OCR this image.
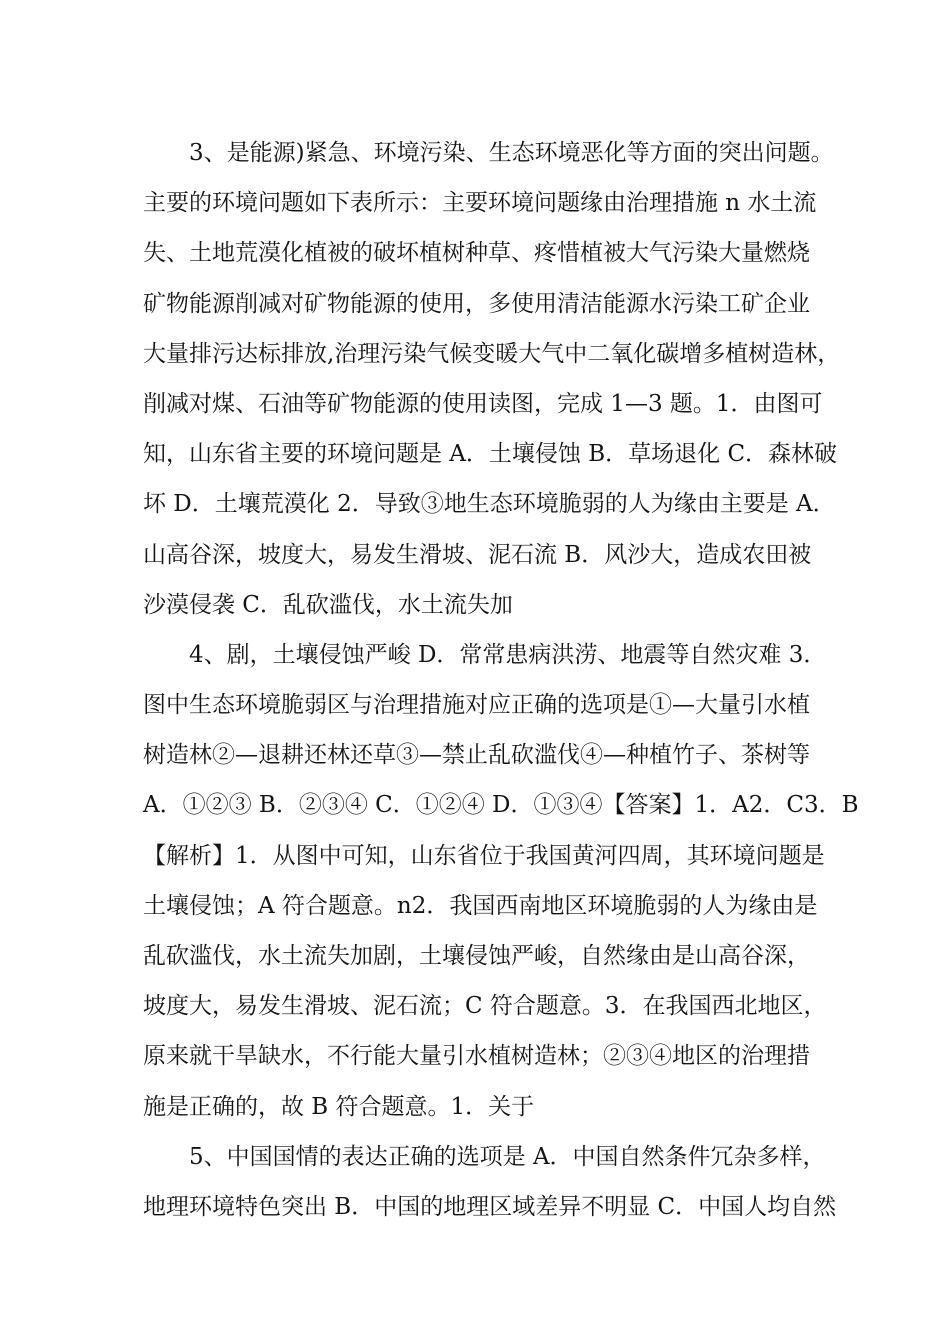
3、是能源)紧急、环境污染、生态环境恶化等方面的突出问题。
主要的环境问题如下表所示：主要环境问题缘由治理措施 n 水土流
失、土地荒漠化植被的破坏植树种草、疼惜植被大气污染大量燃烧
矿物能源削减对矿物能源的使用，多使用清洁能源水污染工矿企业
大量排污达标排放,治理污染气候变暖大气中二氧化碳增多植树造林，
削减对煤、石油等矿物能源的使用读图，完成 1—3 题。1．由图可
知，山东省主要的环境问题是 A．土壤侵蚀 B．草场退化 C．森林破
坏 D．土壤荒漠化 2．导致③地生态环境脆弱的人为缘由主要是 A．
山高谷深，坡度大，易发生滑坡、泥石流 B．风沙大，造成农田被
沙漠侵袭 C．乱砍滥伐，水土流失加
4、剧，土壤侵蚀严峻 D．常常患病洪涝、地震等自然灾难 3．
图中生态环境脆弱区与治理措施对应正确的选项是①—大量引水植
树造林②—退耕还林还草③—禁止乱砍滥伐④—种植竹子、茶树等
A．①②③ B．②③④ C．①②④ D．①③④【答案】1．A2．C3．B
【解析】1．从图中可知，山东省位于我国黄河四周，其环境问题是
土壤侵蚀；A 符合题意。n2．我国西南地区环境脆弱的人为缘由是
乱砍滥伐，水土流失加剧，土壤侵蚀严峻，自然缘由是山高谷深，
坡度大，易发生滑坡、泥石流；C 符合题意。3．在我国西北地区，
原来就干旱缺水，不行能大量引水植树造林；②③④地区的治理措
施是正确的，故 B 符合题意。1．关于
5、中国国情的表达正确的选项是 A．中国自然条件冗杂多样，
地理环境特色突出 B．中国的地理区域差异不明显 C．中国人均自然
